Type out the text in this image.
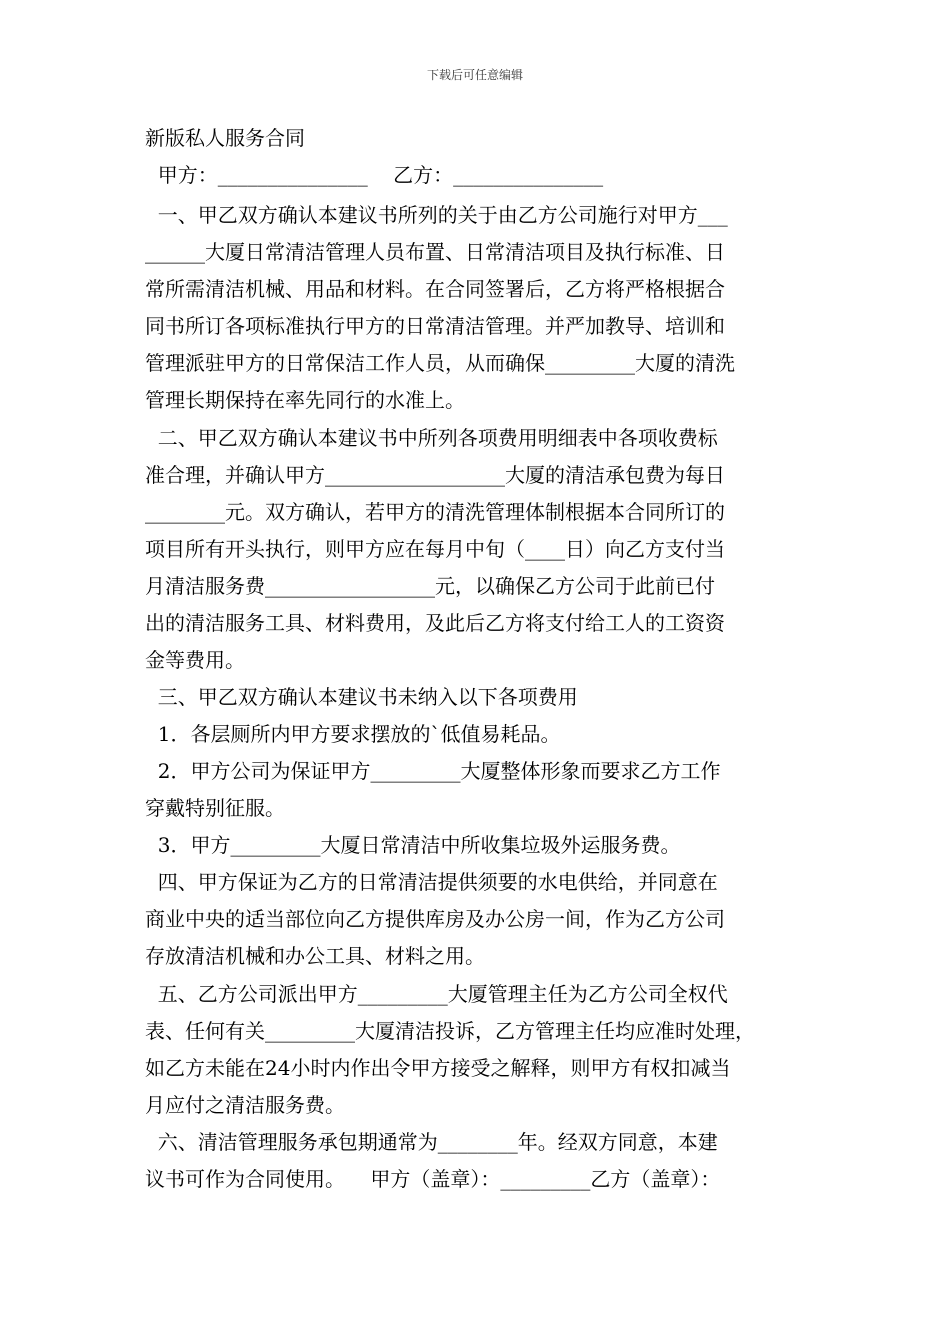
下载后可任意编辑
新版私人服务合同
甲方：_______________    乙方：_______________
一、甲乙双方确认本建议书所列的关于由乙方公司施行对甲方___
______大厦日常清洁管理人员布置、日常清洁项目及执行标准、日
常所需清洁机械、用品和材料。在合同签署后，乙方将严格根据合
同书所订各项标准执行甲方的日常清洁管理。并严加教导、培训和
管理派驻甲方的日常保洁工作人员，从而确保_________大厦的清洗
管理长期保持在率先同行的水准上。
二、甲乙双方确认本建议书中所列各项费用明细表中各项收费标
准合理，并确认甲方__________________大厦的清洁承包费为每日
________元。双方确认，若甲方的清洗管理体制根据本合同所订的
项目所有开头执行，则甲方应在每月中旬（____日）向乙方支付当
月清洁服务费_________________元，以确保乙方公司于此前已付
出的清洁服务工具、材料费用，及此后乙方将支付给工人的工资资
金等费用。
三、甲乙双方确认本建议书未纳入以下各项费用
1．各层厕所内甲方要求摆放的`低值易耗品。
2．甲方公司为保证甲方_________大厦整体形象而要求乙方工作
穿戴特别征服。
3．甲方_________大厦日常清洁中所收集垃圾外运服务费。
四、甲方保证为乙方的日常清洁提供须要的水电供给，并同意在
商业中央的适当部位向乙方提供库房及办公房一间，作为乙方公司
存放清洁机械和办公工具、材料之用。
五、乙方公司派出甲方_________大厦管理主任为乙方公司全权代
表、任何有关_________大厦清洁投诉，乙方管理主任均应准时处理，
如乙方未能在24小时内作出令甲方接受之解释，则甲方有权扣减当
月应付之清洁服务费。
六、清洁管理服务承包期通常为________年。经双方同意，本建
议书可作为合同使用。    甲方（盖章）：_________乙方（盖章）：
